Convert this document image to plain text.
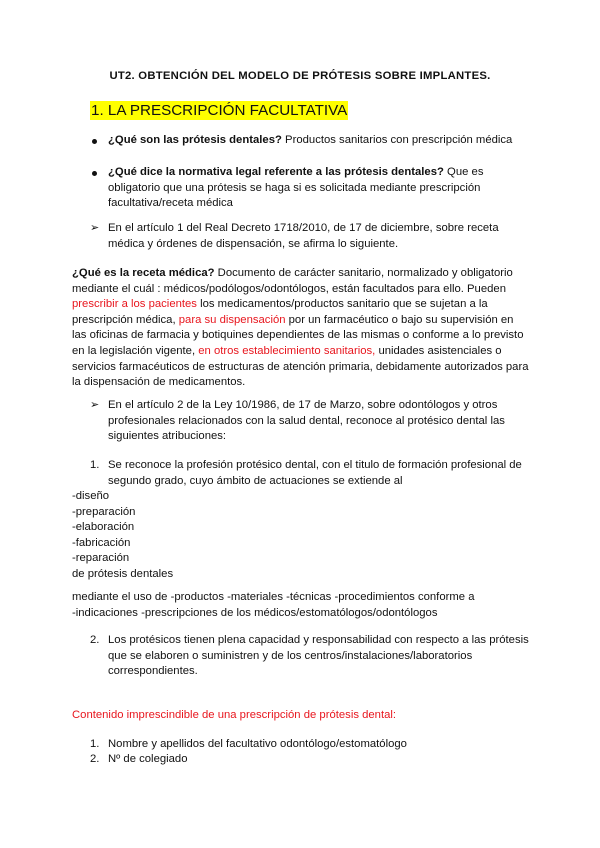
UT2. OBTENCIÓN DEL MODELO DE PRÓTESIS SOBRE IMPLANTES.
1. LA PRESCRIPCIÓN FACULTATIVA
¿Qué son las prótesis dentales? Productos sanitarios con prescripción médica
¿Qué dice la normativa legal referente a las prótesis dentales? Que es obligatorio que una prótesis se haga si es solicitada mediante prescripción facultativa/receta médica
➢ En el artículo 1 del Real Decreto 1718/2010, de 17 de diciembre, sobre receta médica y órdenes de dispensación, se afirma lo siguiente.
¿Qué es la receta médica? Documento de carácter sanitario, normalizado y obligatorio mediante el cuál : médicos/podólogos/odontólogos, están facultados para ello. Pueden prescribir a los pacientes los medicamentos/productos sanitario que se sujetan a la prescripción médica, para su dispensación por un farmacéutico o bajo su supervisión en las oficinas de farmacia y botiquines dependientes de las mismas o conforme a lo previsto en la legislación vigente, en otros establecimiento sanitarios, unidades asistenciales o servicios farmacéuticos de estructuras de atención primaria, debidamente autorizados para la dispensación de medicamentos.
➢ En el artículo 2 de la Ley 10/1986, de 17 de Marzo, sobre odontólogos y otros profesionales relacionados con la salud dental, reconoce al protésico dental las siguientes atribuciones:
1. Se reconoce la profesión protésico dental, con el titulo de formación profesional de segundo grado, cuyo ámbito de actuaciones se extiende al

-diseño

-preparación

-elaboración

-fabricación

-reparación

de prótesis dentales

mediante el uso de -productos -materiales -técnicas -procedimientos conforme a

-indicaciones -prescripciones de los médicos/estomatólogos/odontólogos

2. Los protésicos tienen plena capacidad y responsabilidad con respecto a las prótesis que se elaboren o suministren y de los centros/instalaciones/laboratorios correspondientes.
Contenido imprescindible de una prescripción de prótesis dental:
1. Nombre y apellidos del facultativo odontólogo/estomatólogo
2. Nº de colegiado
